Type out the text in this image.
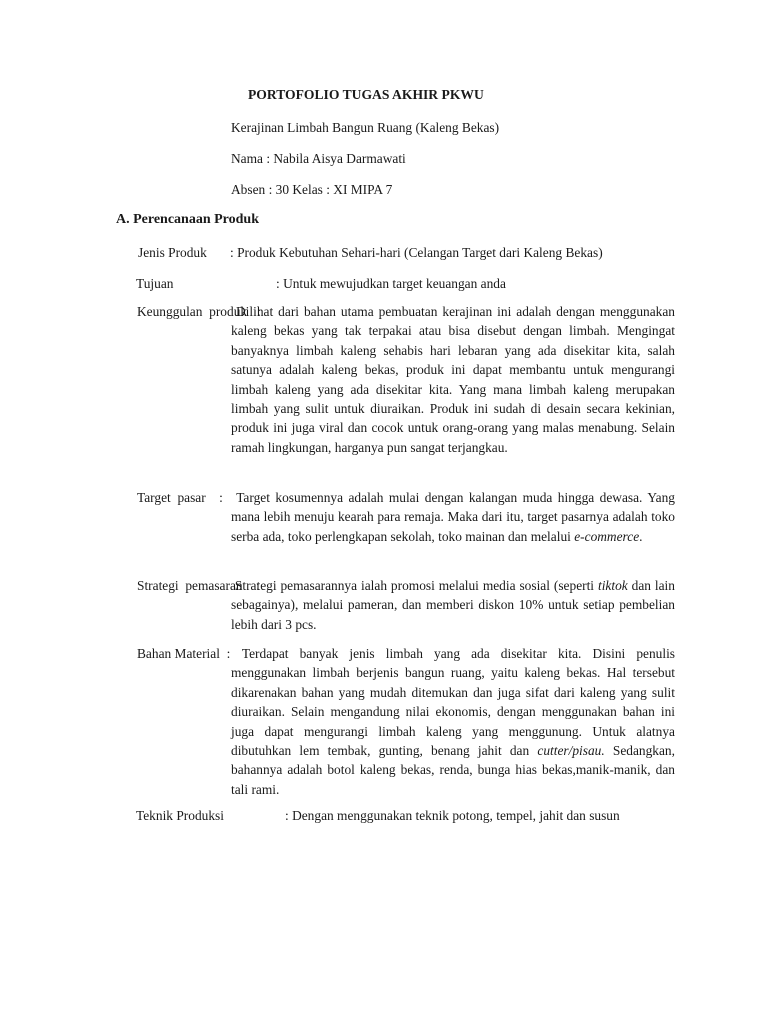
PORTOFOLIO TUGAS AKHIR PKWU
Kerajinan Limbah Bangun Ruang (Kaleng Bekas)
Nama : Nabila Aisya Darmawati
Absen : 30 Kelas : XI MIPA 7
A. Perencanaan Produk
Jenis Produk : Produk Kebutuhan Sehari-hari (Celangan Target dari Kaleng Bekas)
Tujuan	: Untuk mewujudkan target keuangan anda
Keunggulan  produk   : Dilihat dari bahan utama pembuatan kerajinan ini adalah dengan menggunakan kaleng bekas yang tak terpakai atau bisa disebut dengan limbah. Mengingat banyaknya limbah kaleng sehabis hari lebaran yang ada disekitar kita, salah satunya adalah kaleng bekas, produk ini dapat membantu untuk mengurangi limbah kaleng yang ada disekitar kita. Yang mana limbah kaleng merupakan limbah yang sulit untuk diuraikan. Produk ini sudah di desain secara kekinian, produk ini juga viral dan cocok untuk orang-orang yang malas menabung. Selain ramah lingkungan, harganya pun sangat terjangkau.
Target  pasar    : Target kosumennya adalah mulai dengan kalangan muda hingga dewasa. Yang mana lebih menuju kearah para remaja. Maka dari itu, target pasarnya adalah toko serba ada, toko perlengkapan sekolah, toko mainan dan melalui e-commerce.
Strategi  pemasaran    : Strategi pemasarannya ialah promosi melalui media sosial (seperti tiktok dan lain sebagainya), melalui pameran, dan memberi diskon 10% untuk setiap pembelian lebih dari 3 pcs.
Bahan Material  : Terdapat banyak jenis limbah yang ada disekitar kita. Disini penulis menggunakan limbah berjenis bangun ruang, yaitu kaleng bekas. Hal tersebut dikarenakan bahan yang mudah ditemukan dan juga sifat dari kaleng yang sulit diuraikan. Selain mengandung nilai ekonomis, dengan menggunakan bahan ini juga dapat mengurangi limbah kaleng yang menggunung. Untuk alatnya dibutuhkan lem tembak, gunting, benang jahit dan cutter/pisau. Sedangkan, bahannya adalah botol kaleng bekas, renda, bunga hias bekas,manik-manik, dan tali rami.
Teknik Produksi	: Dengan menggunakan teknik potong, tempel, jahit dan susun
